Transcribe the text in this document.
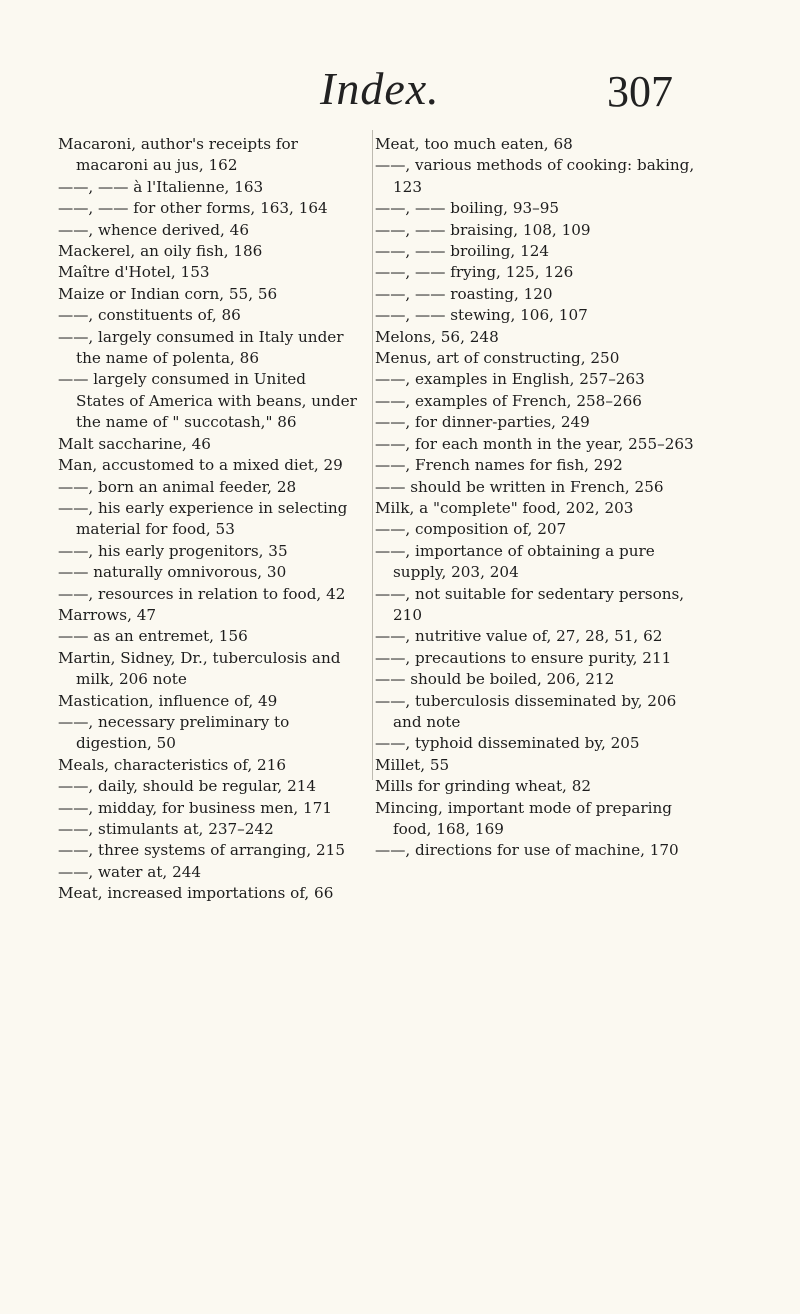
Index.	307

Macaroni, author's receipts for macaroni au jus, 162

——, —— à l'Italienne, 163

——, —— for other forms, 163, 164

——, whence derived, 46

Mackerel, an oily fish, 186

Maître d'Hotel, 153

Maize or Indian corn, 55, 56

——, constituents of, 86

——, largely consumed in Italy under the name of polenta, 86

—— largely consumed in United States of America with beans, under the name of " succotash," 86

Malt saccharine, 46

Man, accustomed to a mixed diet, 29

——, born an animal feeder, 28

——, his early experience in selecting material for food, 53

——, his early progenitors, 35

—— naturally omnivorous, 30

——, resources in relation to food, 42

Marrows, 47

—— as an entremet, 156

Martin, Sidney, Dr., tuberculosis and milk, 206 note

Mastication, influence of, 49

——, necessary preliminary to digestion, 50

Meals, characteristics of, 216

——, daily, should be regular, 214

——, midday, for business men, 171

——, stimulants at, 237–242

——, three systems of arranging, 215

——, water at, 244

Meat, increased importations of, 66

Meat, too much eaten, 68

——, various methods of cooking: baking, 123

——, —— boiling, 93–95

——, —— braising, 108, 109

——, —— broiling, 124

——, —— frying, 125, 126

——, —— roasting, 120

——, —— stewing, 106, 107

Melons, 56, 248

Menus, art of constructing, 250

——, examples in English, 257–263

——, examples of French, 258–266

——, for dinner-parties, 249

——, for each month in the year, 255–263

——, French names for fish, 292

—— should be written in French, 256

Milk, a "complete" food, 202, 203

——, composition of, 207

——, importance of obtaining a pure supply, 203, 204

——, not suitable for sedentary persons, 210

——, nutritive value of, 27, 28, 51, 62

——, precautions to ensure purity, 211

—— should be boiled, 206, 212

——, tuberculosis disseminated by, 206 and note

——, typhoid disseminated by, 205

Millet, 55

Mills for grinding wheat, 82

Mincing, important mode of preparing food, 168, 169

——, directions for use of machine, 170
